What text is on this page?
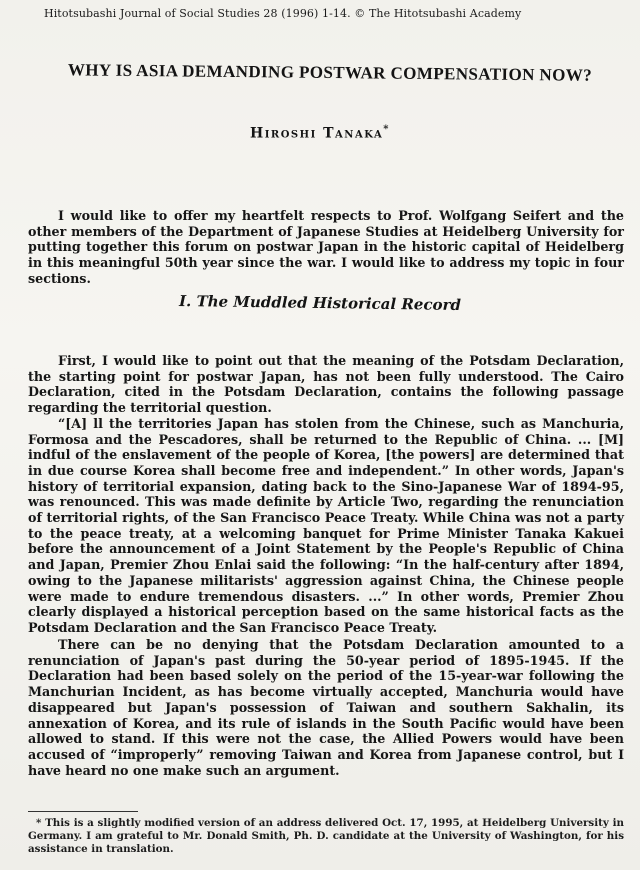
Hitotsubashi Journal of Social Studies 28 (1996) 1-14. © The Hitotsubashi Academy
WHY IS ASIA DEMANDING POSTWAR COMPENSATION NOW?
Hiroshi Tanaka*

I would like to offer my heartfelt respects to Prof. Wolfgang Seifert and the other members of the Department of Japanese Studies at Heidelberg University for putting together this forum on postwar Japan in the historic capital of Heidelberg in this meaningful 50th year since the war. I would like to address my topic in four sections.

I. The Muddled Historical Record

First, I would like to point out that the meaning of the Potsdam Declaration, the starting point for postwar Japan, has not been fully understood. The Cairo Declaration, cited in the Potsdam Declaration, contains the following passage regarding the territorial question.

“[A] ll the territories Japan has stolen from the Chinese, such as Manchuria, Formosa and the Pescadores, shall be returned to the Republic of China. ... [M] indful of the enslavement of the people of Korea, [the powers] are determined that in due course Korea shall become free and independent.” In other words, Japan's history of territorial expansion, dating back to the Sino-Japanese War of 1894-95, was renounced. This was made definite by Article Two, regarding the renunciation of territorial rights, of the San Francisco Peace Treaty. While China was not a party to the peace treaty, at a welcoming banquet for Prime Minister Tanaka Kakuei before the announcement of a Joint Statement by the People's Republic of China and Japan, Premier Zhou Enlai said the following: “In the half-century after 1894, owing to the Japanese militarists' aggression against China, the Chinese people were made to endure tremendous disasters. ...” In other words, Premier Zhou clearly displayed a historical perception based on the same historical facts as the Potsdam Declaration and the San Francisco Peace Treaty.

There can be no denying that the Potsdam Declaration amounted to a renunciation of Japan's past during the 50-year period of 1895-1945. If the Declaration had been based solely on the period of the 15-year-war following the Manchurian Incident, as has become virtually accepted, Manchuria would have disappeared but Japan's possession of Taiwan and southern Sakhalin, its annexation of Korea, and its rule of islands in the South Pacific would have been allowed to stand. If this were not the case, the Allied Powers would have been accused of “improperly” removing Taiwan and Korea from Japanese control, but I have heard no one make such an argument.

* This is a slightly modified version of an address delivered Oct. 17, 1995, at Heidelberg University in Germany. I am grateful to Mr. Donald Smith, Ph. D. candidate at the University of Washington, for his assistance in translation.
